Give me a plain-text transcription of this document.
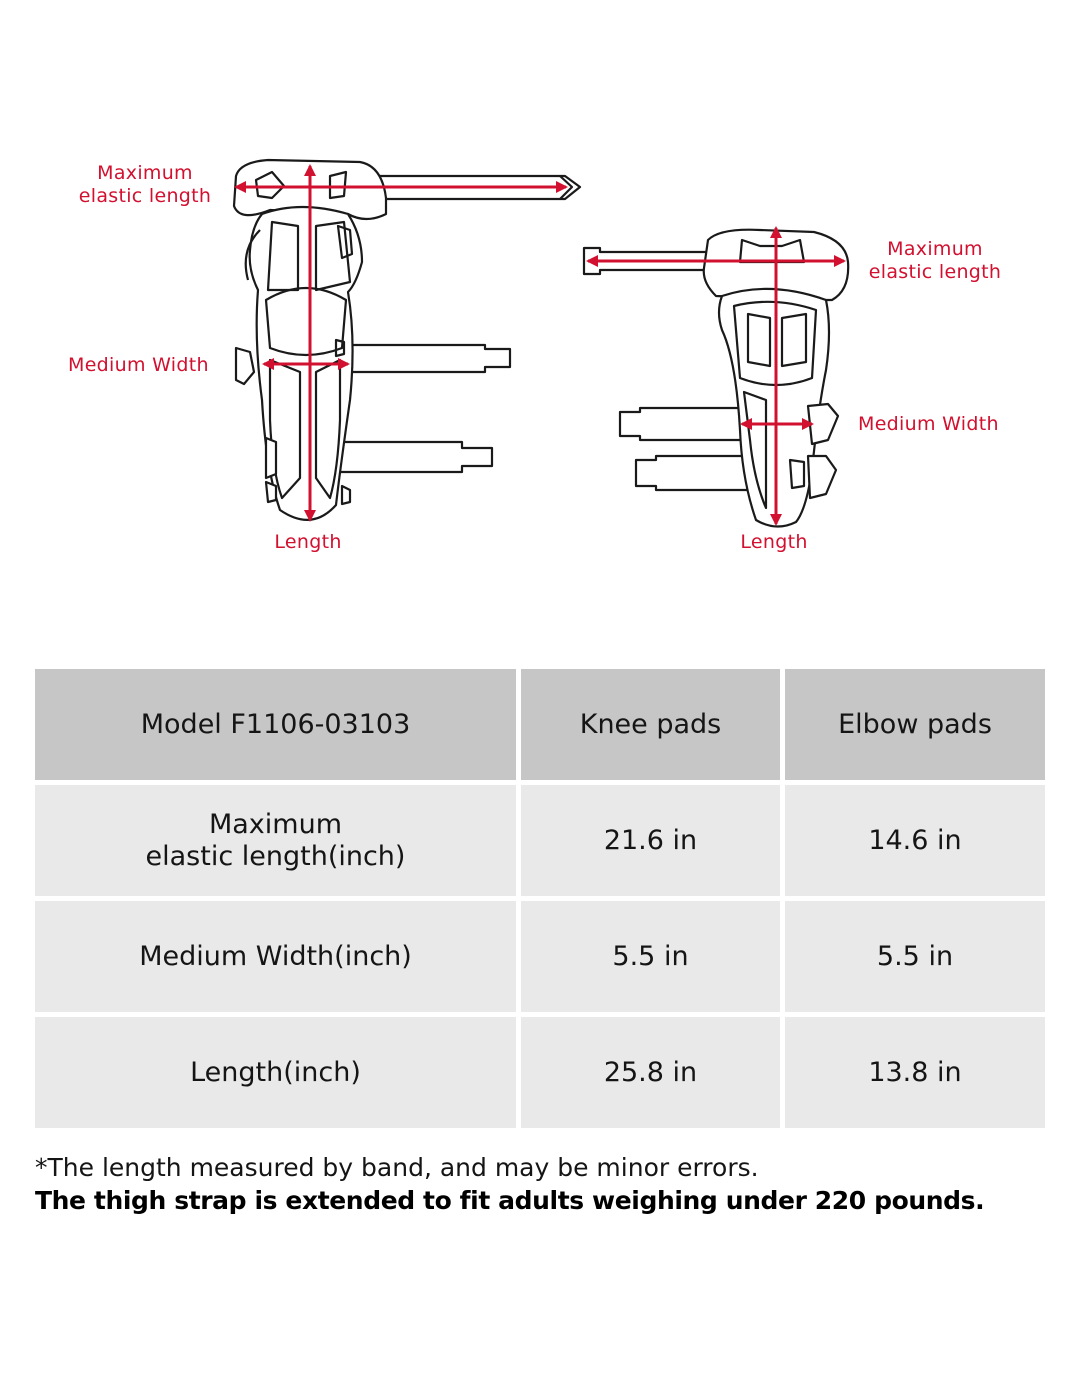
Maximum
elastic length
Medium Width
Length
Maximum
elastic length
Medium Width
Length
Model F1106-03103	Knee pads	Elbow pads
Maximum
elastic length(inch)
21.6 in	14.6 in
Medium Width(inch)	5.5 in	5.5 in
Length(inch)	25.8 in	13.8 in
*The length measured by band, and may be minor errors.
The thigh strap is extended to fit adults weighing under 220 pounds.
